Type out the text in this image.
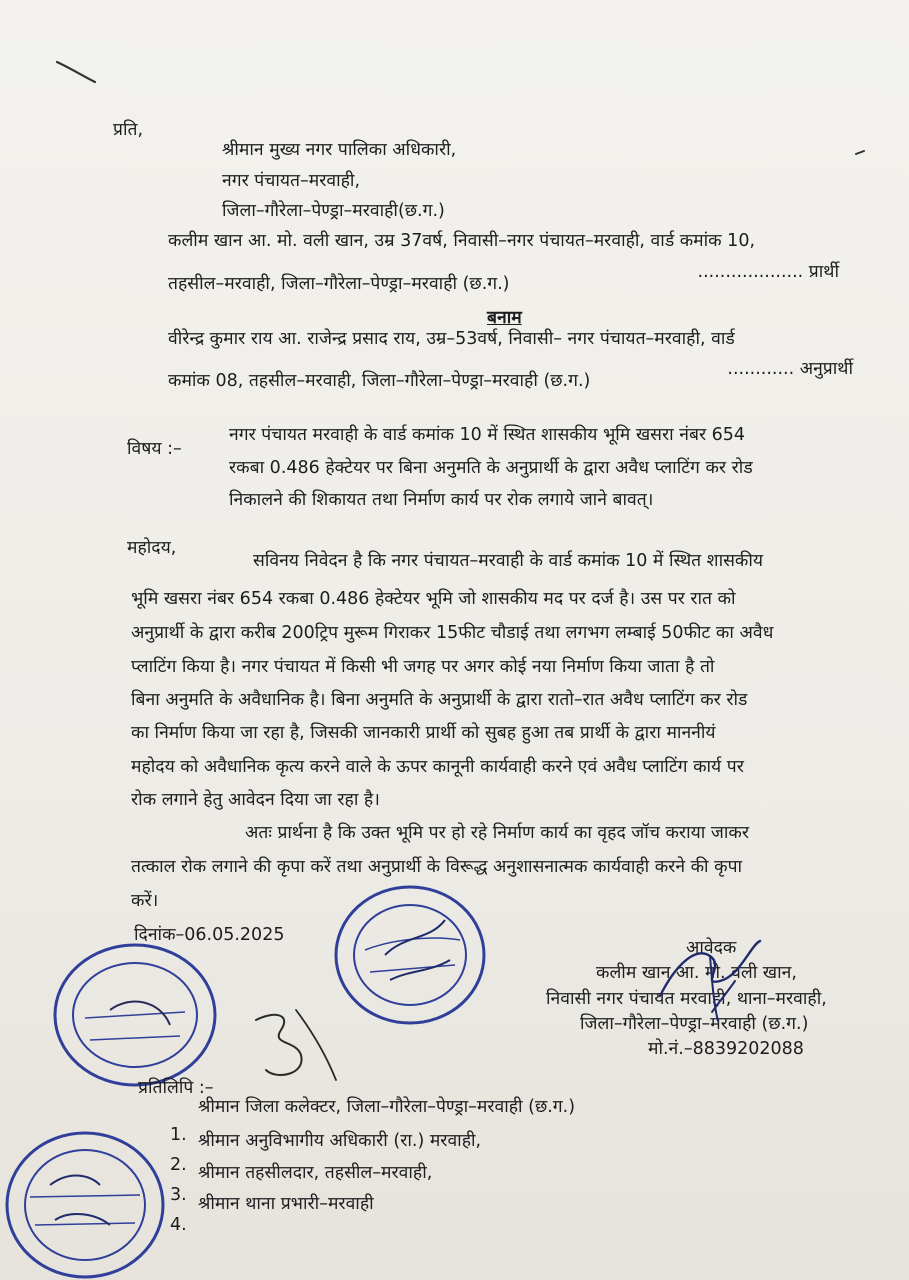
प्रति,
श्रीमान मुख्य नगर पालिका अधिकारी,
नगर पंचायत–मरवाही,
जिला–गौरेला–पेण्ड्रा–मरवाही(छ.ग.)
कलीम खान आ. मो. वली खान, उम्र 37वर्ष, निवासी–नगर पंचायत–मरवाही, वार्ड कमांक 10,
तहसील–मरवाही, जिला–गौरेला–पेण्ड्रा–मरवाही (छ.ग.)
................... प्रार्थी
बनाम
वीरेन्द्र कुमार राय आ. राजेन्द्र प्रसाद राय, उम्र–53वर्ष, निवासी– नगर पंचायत–मरवाही, वार्ड
कमांक 08, तहसील–मरवाही, जिला–गौरेला–पेण्ड्रा–मरवाही (छ.ग.)
............ अनुप्रार्थी
विषय :–
नगर पंचायत मरवाही के वार्ड कमांक 10 में स्थित शासकीय भूमि खसरा नंबर 654
रकबा 0.486 हेक्टेयर पर बिना अनुमति के अनुप्रार्थी के द्वारा अवैध प्लाटिंग कर रोड
निकालने की शिकायत तथा निर्माण कार्य पर रोक लगाये जाने बावत्।
महोदय,
सविनय निवेदन है कि नगर पंचायत–मरवाही के वार्ड कमांक 10 में स्थित शासकीय
भूमि खसरा नंबर 654 रकबा 0.486 हेक्टेयर भूमि जो शासकीय मद पर दर्ज है। उस पर रात को
अनुप्रार्थी के द्वारा करीब 200ट्रिप मुरूम गिराकर 15फीट चौडाई तथा लगभग लम्बाई 50फीट का अवैध
प्लाटिंग किया है। नगर पंचायत में किसी भी जगह पर अगर कोई नया निर्माण किया जाता है तो
बिना अनुमति के अवैधानिक है। बिना अनुमति के अनुप्रार्थी के द्वारा रातो–रात अवैध प्लाटिंग कर रोड
का निर्माण किया जा रहा है, जिसकी जानकारी प्रार्थी को सुबह हुआ तब प्रार्थी के द्वारा माननीयं
महोदय को अवैधानिक कृत्य करने वाले के ऊपर कानूनी कार्यवाही करने एवं अवैध प्लाटिंग कार्य पर
रोक लगाने हेतु आवेदन दिया जा रहा है।
अतः प्रार्थना है कि उक्त भूमि पर हो रहे निर्माण कार्य का वृहद जॉच कराया जाकर
तत्काल रोक लगाने की कृपा करें तथा अनुप्रार्थी के विरूद्ध अनुशासनात्मक कार्यवाही करने की कृपा
करें।
दिनांक–06.05.2025
आवेदक
कलीम खान आ. मो. वली खान,
निवासी नगर पंचायत मरवाही, थाना–मरवाही,
जिला–गौरेला–पेण्ड्रा–मरवाही (छ.ग.)
मो.नं.–8839202088
प्रतिलिपि :–
1.
श्रीमान जिला कलेक्टर, जिला–गौरेला–पेण्ड्रा–मरवाही (छ.ग.)
2.
श्रीमान अनुविभागीय अधिकारी (रा.) मरवाही,
3.
श्रीमान तहसीलदार, तहसील–मरवाही,
4.
श्रीमान थाना प्रभारी–मरवाही
